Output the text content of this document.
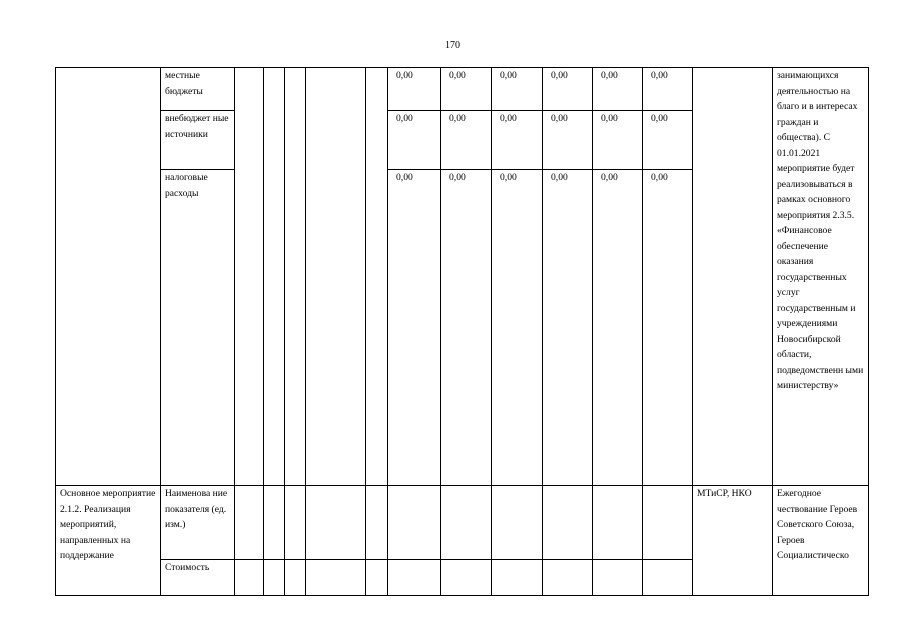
170
	местные бюджеты						0,00	0,00	0,00	0,00	0,00	0,00		занимающихся деятельностью на благо и в интересах граждан и общества). С 01.01.2021 мероприятие будет реализовываться в рамках основного мероприятия 2.3.5. «Финансовое обеспечение оказания государственных услуг государственным и учреждениями Новосибирской области, подведомственн ыми министерству»
	внебюджет ные источники						0,00	0,00	0,00	0,00	0,00	0,00		
	налоговые расходы						0,00	0,00	0,00	0,00	0,00	0,00		
Основное мероприятие 2.1.2. Реализация мероприятий, направленных на поддержание	Наименова ние показателя (ед. изм.)												МТиСР, НКО	Ежегодное чествование Героев Советского Союза, Героев Социалистическо
	Стоимость													
